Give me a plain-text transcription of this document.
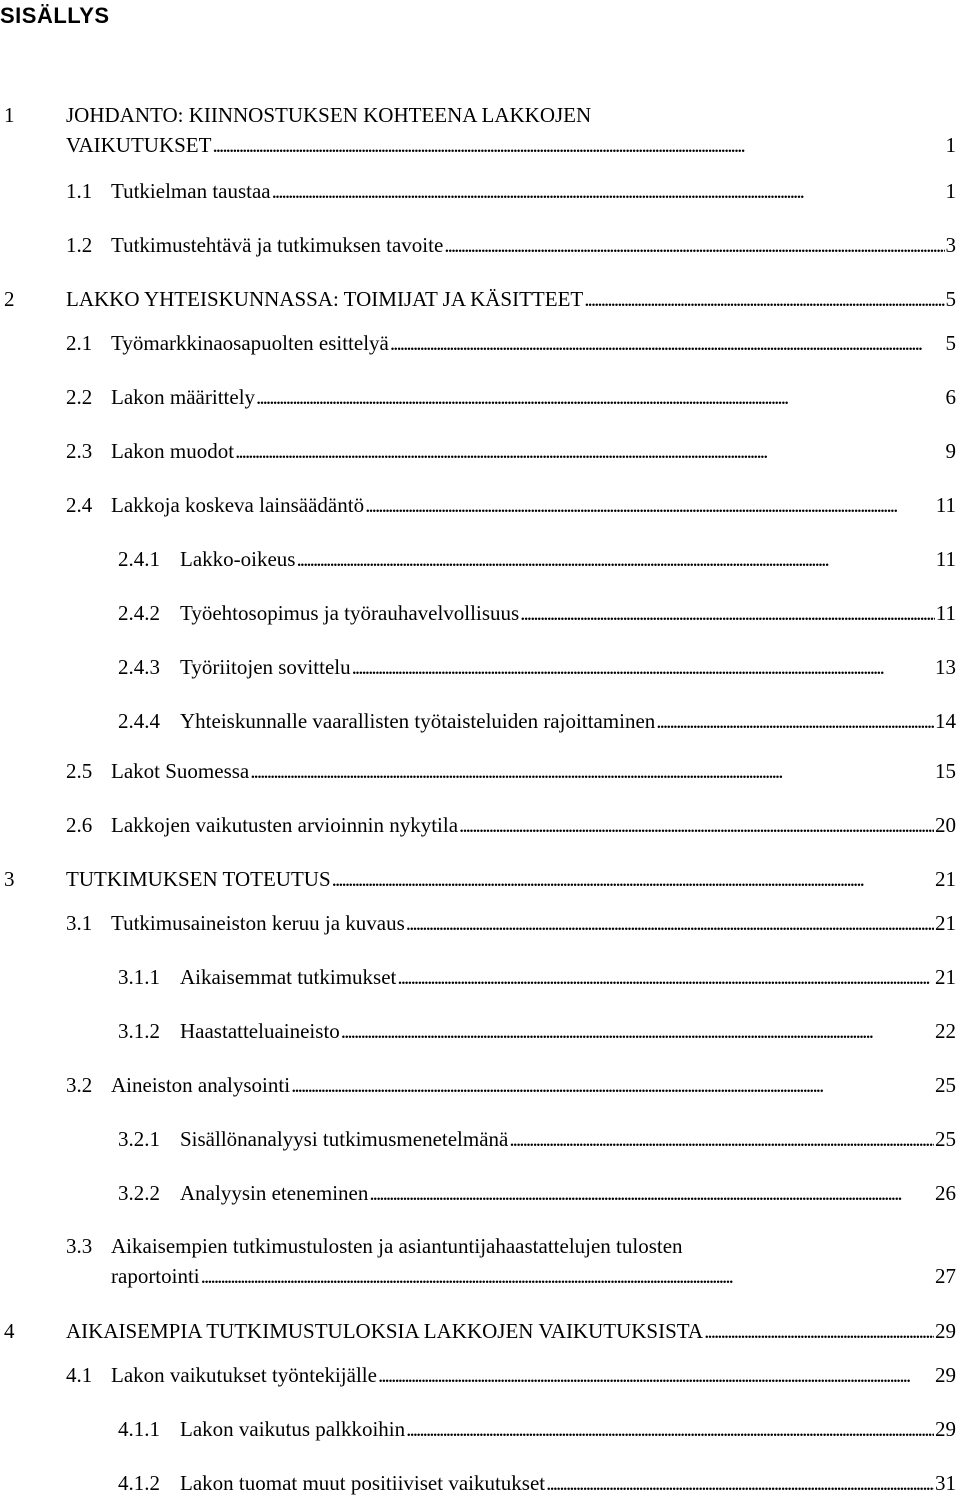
SISÄLLYS
1	JOHDANTO: KIINNOSTUKSEN KOHTEENA LAKKOJEN
VAIKUTUKSET . . .	1
1.1 Tutkielman taustaa . . .	1
1.2 Tutkimustehtävä ja tutkimuksen tavoite . . .	3
2	LAKKO YHTEISKUNNASSA: TOIMIJAT JA KÄSITTEET . . .	5
2.1 Työmarkkinaosapuolten esittelyä . . .	5
2.2 Lakon määrittely . . .	6
2.3 Lakon muodot . . .	9
2.4 Lakkoja koskeva lainsäädäntö . . .	11
2.4.1 Lakko-oikeus . . .	11
2.4.2 Työehtosopimus ja työrauhavelvollisuus . . .	11
2.4.3 Työriitojen sovittelu . . .	13
2.4.4 Yhteiskunnalle vaarallisten työtaisteluiden rajoittaminen . . .	14
2.5 Lakot Suomessa . . .	15
2.6 Lakkojen vaikutusten arvioinnin nykytila . . .	20
3	TUTKIMUKSEN TOTEUTUS . . .	21
3.1 Tutkimusaineiston keruu ja kuvaus . . .	21
3.1.1 Aikaisemmat tutkimukset . . .	21
3.1.2 Haastatteluaineisto . . .	22
3.2 Aineiston analysointi . . .	25
3.2.1 Sisällönanalyysi tutkimusmenetelmänä . . .	25
3.2.2 Analyysin eteneminen . . .	26
3.3 Aikaisempien tutkimustulosten ja asiantuntijahaastattelujen tulosten
raportointi . . .	27
4	AIKAISEMPIA TUTKIMUSTULOKSIA LAKKOJEN VAIKUTUKSISTA . . .	29
4.1 Lakon vaikutukset työntekijälle . . .	29
4.1.1 Lakon vaikutus palkkoihin . . .	29
4.1.2 Lakon tuomat muut positiiviset vaikutukset . . .	31
